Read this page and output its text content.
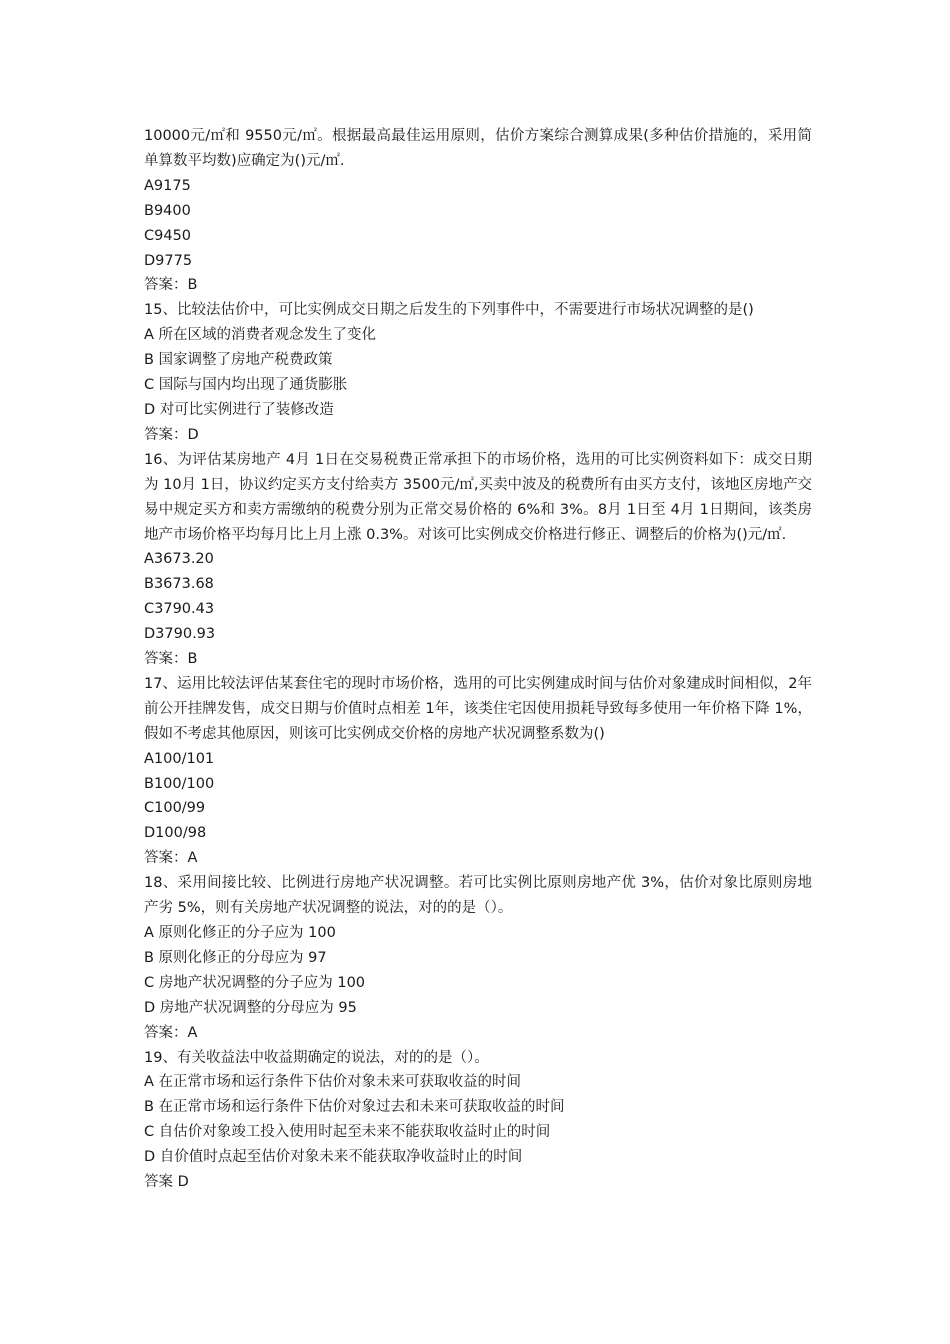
10000元/㎡和 9550元/㎡。根据最高最佳运用原则，估价方案综合测算成果(多种估价措施的，采用简单算数平均数)应确定为()元/㎡.
A9175
B9400
C9450
D9775
答案：B
15、比较法估价中，可比实例成交日期之后发生的下列事件中，不需要进行市场状况调整的是()
A 所在区域的消费者观念发生了变化
B 国家调整了房地产税费政策
C 国际与国内均出现了通货膨胀
D 对可比实例进行了装修改造
答案：D
16、为评估某房地产 4月 1日在交易税费正常承担下的市场价格，选用的可比实例资料如下：成交日期为 10月 1日，协议约定买方支付给卖方 3500元/㎡,买卖中波及的税费所有由买方支付，该地区房地产交易中规定买方和卖方需缴纳的税费分别为正常交易价格的 6%和 3%。8月 1日至 4月 1日期间，该类房地产市场价格平均每月比上月上涨 0.3%。对该可比实例成交价格进行修正、调整后的价格为()元/㎡.
A3673.20
B3673.68
C3790.43
D3790.93
答案：B
17、运用比较法评估某套住宅的现时市场价格，选用的可比实例建成时间与估价对象建成时间相似，2年前公开挂牌发售，成交日期与价值时点相差 1年，该类住宅因使用损耗导致每多使用一年价格下降 1%，假如不考虑其他原因，则该可比实例成交价格的房地产状况调整系数为()
A100/101
B100/100
C100/99
D100/98
答案：A
18、采用间接比较、比例进行房地产状况调整。若可比实例比原则房地产优 3%，估价对象比原则房地产劣 5%，则有关房地产状况调整的说法，对的的是（）。
A 原则化修正的分子应为 100
B 原则化修正的分母应为 97
C 房地产状况调整的分子应为 100
D 房地产状况调整的分母应为 95
答案：A
19、有关收益法中收益期确定的说法，对的的是（）。
A 在正常市场和运行条件下估价对象未来可获取收益的时间
B 在正常市场和运行条件下估价对象过去和未来可获取收益的时间
C 自估价对象竣工投入使用时起至未来不能获取收益时止的时间
D 自价值时点起至估价对象未来不能获取净收益时止的时间
答案 D
